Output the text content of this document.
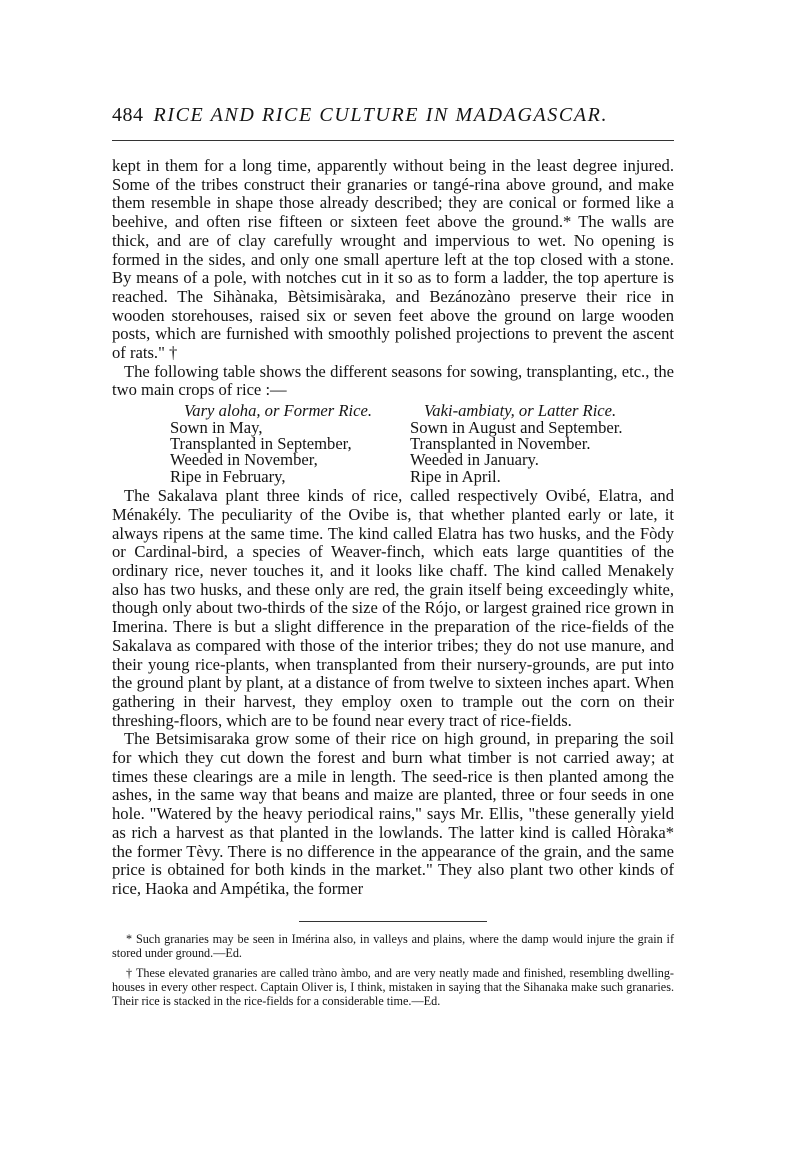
484 RICE AND RICE CULTURE IN MADAGASCAR.

kept in them for a long time, apparently without being in the least degree injured. Some of the tribes construct their granaries or tangé-rina above ground, and make them resemble in shape those already described; they are conical or formed like a beehive, and often rise fifteen or sixteen feet above the ground.* The walls are thick, and are of clay carefully wrought and impervious to wet. No opening is formed in the sides, and only one small aperture left at the top closed with a stone. By means of a pole, with notches cut in it so as to form a ladder, the top aperture is reached. The Sihànaka, Bètsimisàraka, and Bezánozàno preserve their rice in wooden storehouses, raised six or seven feet above the ground on large wooden posts, which are furnished with smoothly polished projections to prevent the ascent of rats." †

The following table shows the different seasons for sowing, transplanting, etc., the two main crops of rice :—

Vary aloha, or Former Rice.	Vaki-ambiaty, or Latter Rice.
Sown in May,	Sown in August and September.
Transplanted in September,	Transplanted in November.
Weeded in November,	Weeded in January.
Ripe in February,	Ripe in April.

The Sakalava plant three kinds of rice, called respectively Ovibé, Elatra, and Ménakély. The peculiarity of the Ovibe is, that whether planted early or late, it always ripens at the same time. The kind called Elatra has two husks, and the Fòdy or Cardinal-bird, a species of Weaver-finch, which eats large quantities of the ordinary rice, never touches it, and it looks like chaff. The kind called Menakely also has two husks, and these only are red, the grain itself being exceedingly white, though only about two-thirds of the size of the Rójo, or largest grained rice grown in Imerina. There is but a slight difference in the preparation of the rice-fields of the Sakalava as compared with those of the interior tribes; they do not use manure, and their young rice-plants, when transplanted from their nursery-grounds, are put into the ground plant by plant, at a distance of from twelve to sixteen inches apart. When gathering in their harvest, they employ oxen to trample out the corn on their threshing-floors, which are to be found near every tract of rice-fields.

The Betsimisaraka grow some of their rice on high ground, in preparing the soil for which they cut down the forest and burn what timber is not carried away; at times these clearings are a mile in length. The seed-rice is then planted among the ashes, in the same way that beans and maize are planted, three or four seeds in one hole. "Watered by the heavy periodical rains," says Mr. Ellis, "these generally yield as rich a harvest as that planted in the lowlands. The latter kind is called Hòraka* the former Tèvy. There is no difference in the appearance of the grain, and the same price is obtained for both kinds in the market." They also plant two other kinds of rice, Haoka and Ampétika, the former

* Such granaries may be seen in Imérina also, in valleys and plains, where the damp would injure the grain if stored under ground.—Ed.

† These elevated granaries are called tràno àmbo, and are very neatly made and finished, resembling dwelling-houses in every other respect. Captain Oliver is, I think, mistaken in saying that the Sihanaka make such granaries. Their rice is stacked in the rice-fields for a considerable time.—Ed.
